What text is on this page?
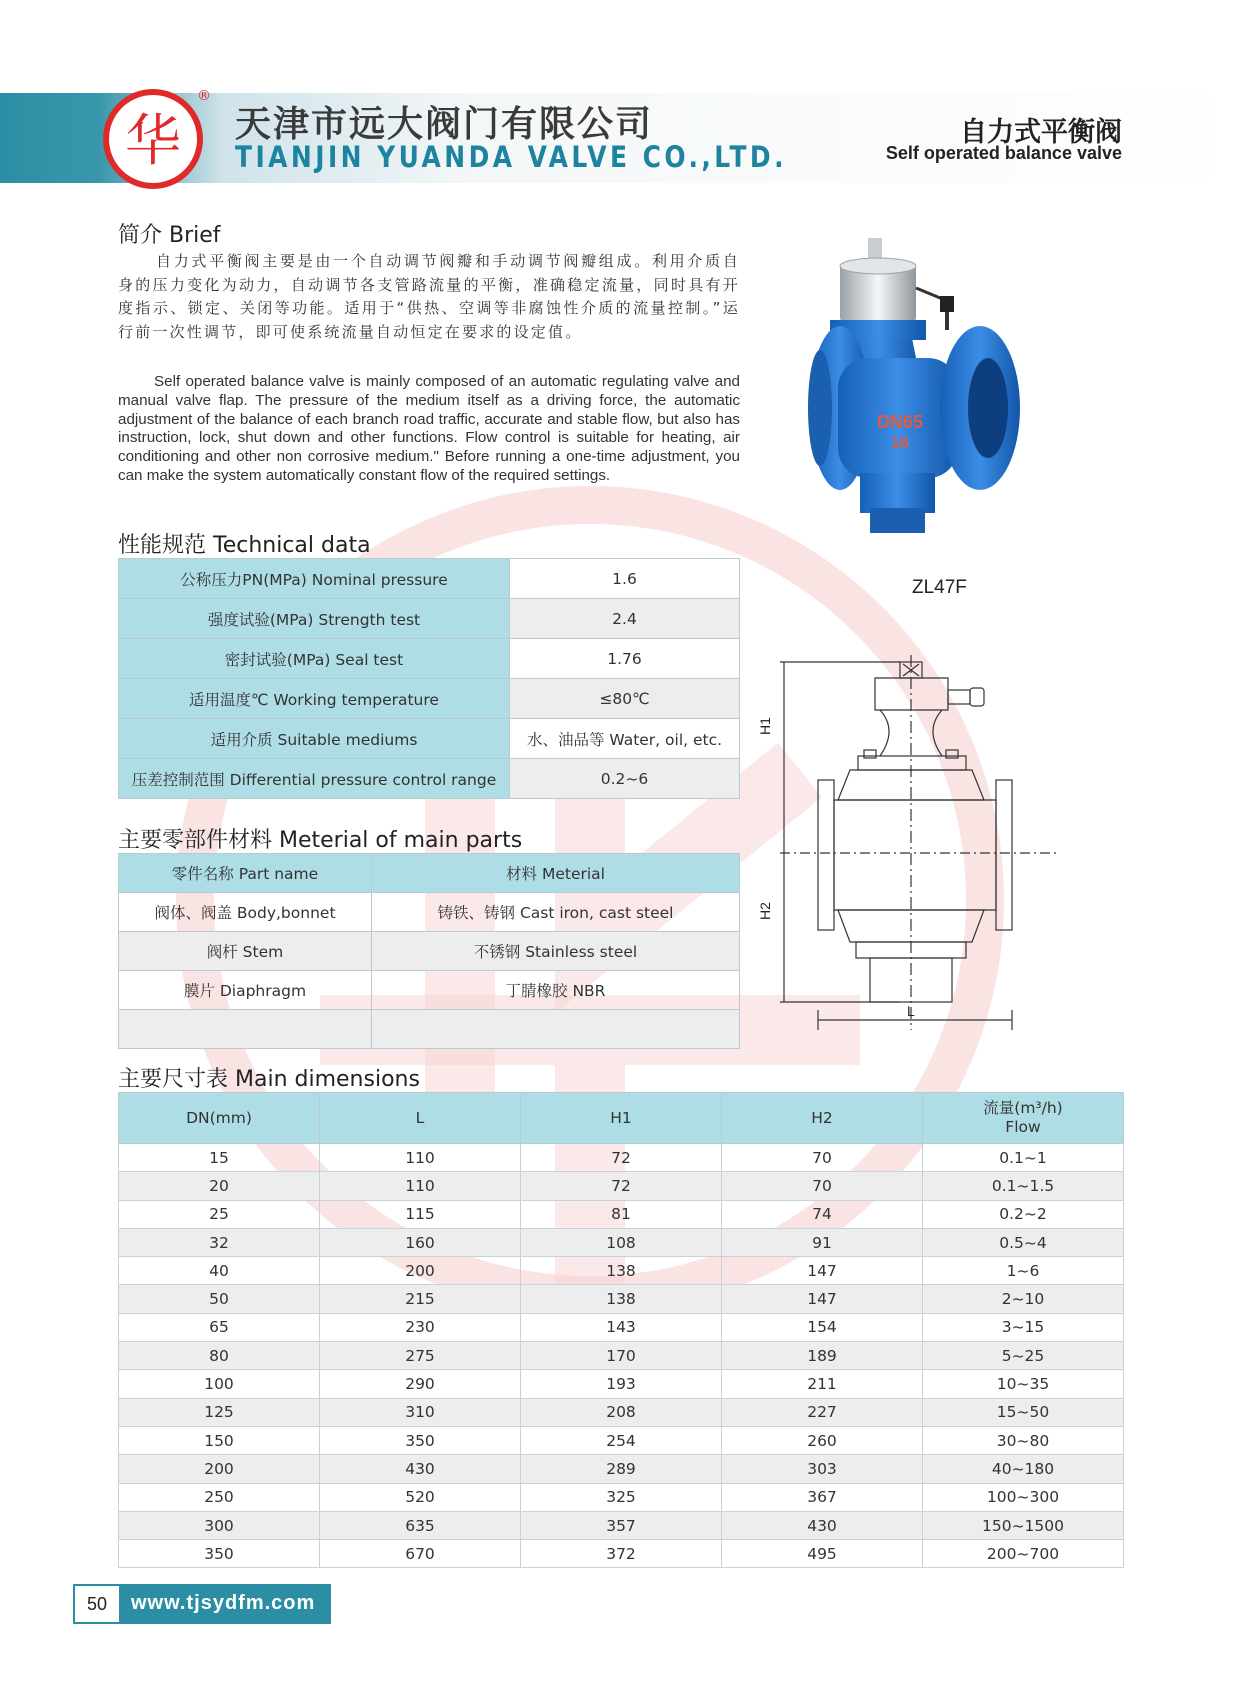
华
®
天津市远大阀门有限公司
TIANJIN YUANDA VALVE CO.,LTD.
自力式平衡阀
Self operated balance valve
简介 Brief
自力式平衡阀主要是由一个自动调节阀瓣和手动调节阀瓣组成。利用介质自身的压力变化为动力，自动调节各支管路流量的平衡，准确稳定流量，同时具有开度指示、锁定、关闭等功能。适用于“供热、空调等非腐蚀性介质的流量控制。”运行前一次性调节，即可使系统流量自动恒定在要求的设定值。
Self operated balance valve is mainly composed of an automatic regulating valve and manual valve flap. The pressure of the medium itself as a driving force, the automatic adjustment of the balance of each branch road traffic, accurate and stable flow, but also has instruction, lock, shut down and other functions. Flow control is suitable for heating, air conditioning and other non corrosive medium." Before running a one-time adjustment, you can make the system automatically constant flow of the required settings.
DN65
16
ZL47F
H1
H2
L
性能规范 Technical data
公称压力PN(MPa) Nominal pressure	1.6
强度试验(MPa) Strength test	2.4
密封试验(MPa) Seal test	1.76
适用温度℃ Working temperature	≤80℃
适用介质 Suitable mediums	水、油品等 Water, oil, etc.
压差控制范围 Differential pressure control range	0.2~6
主要零部件材料 Meterial of main parts
零件名称 Part name	材料 Meterial
阀体、阀盖 Body,bonnet	铸铁、铸钢 Cast iron, cast steel
阀杆 Stem	不锈钢 Stainless steel
膜片 Diaphragm	丁腈橡胶 NBR

主要尺寸表 Main dimensions
DN(mm)	L	H1	H2	流量(m³/h)
Flow
15	110	72	70	0.1~1
20	110	72	70	0.1~1.5
25	115	81	74	0.2~2
32	160	108	91	0.5~4
40	200	138	147	1~6
50	215	138	147	2~10
65	230	143	154	3~15
80	275	170	189	5~25
100	290	193	211	10~35
125	310	208	227	15~50
150	350	254	260	30~80
200	430	289	303	40~180
250	520	325	367	100~300
300	635	357	430	150~1500
350	670	372	495	200~700
50	www.tjsydfm.com
